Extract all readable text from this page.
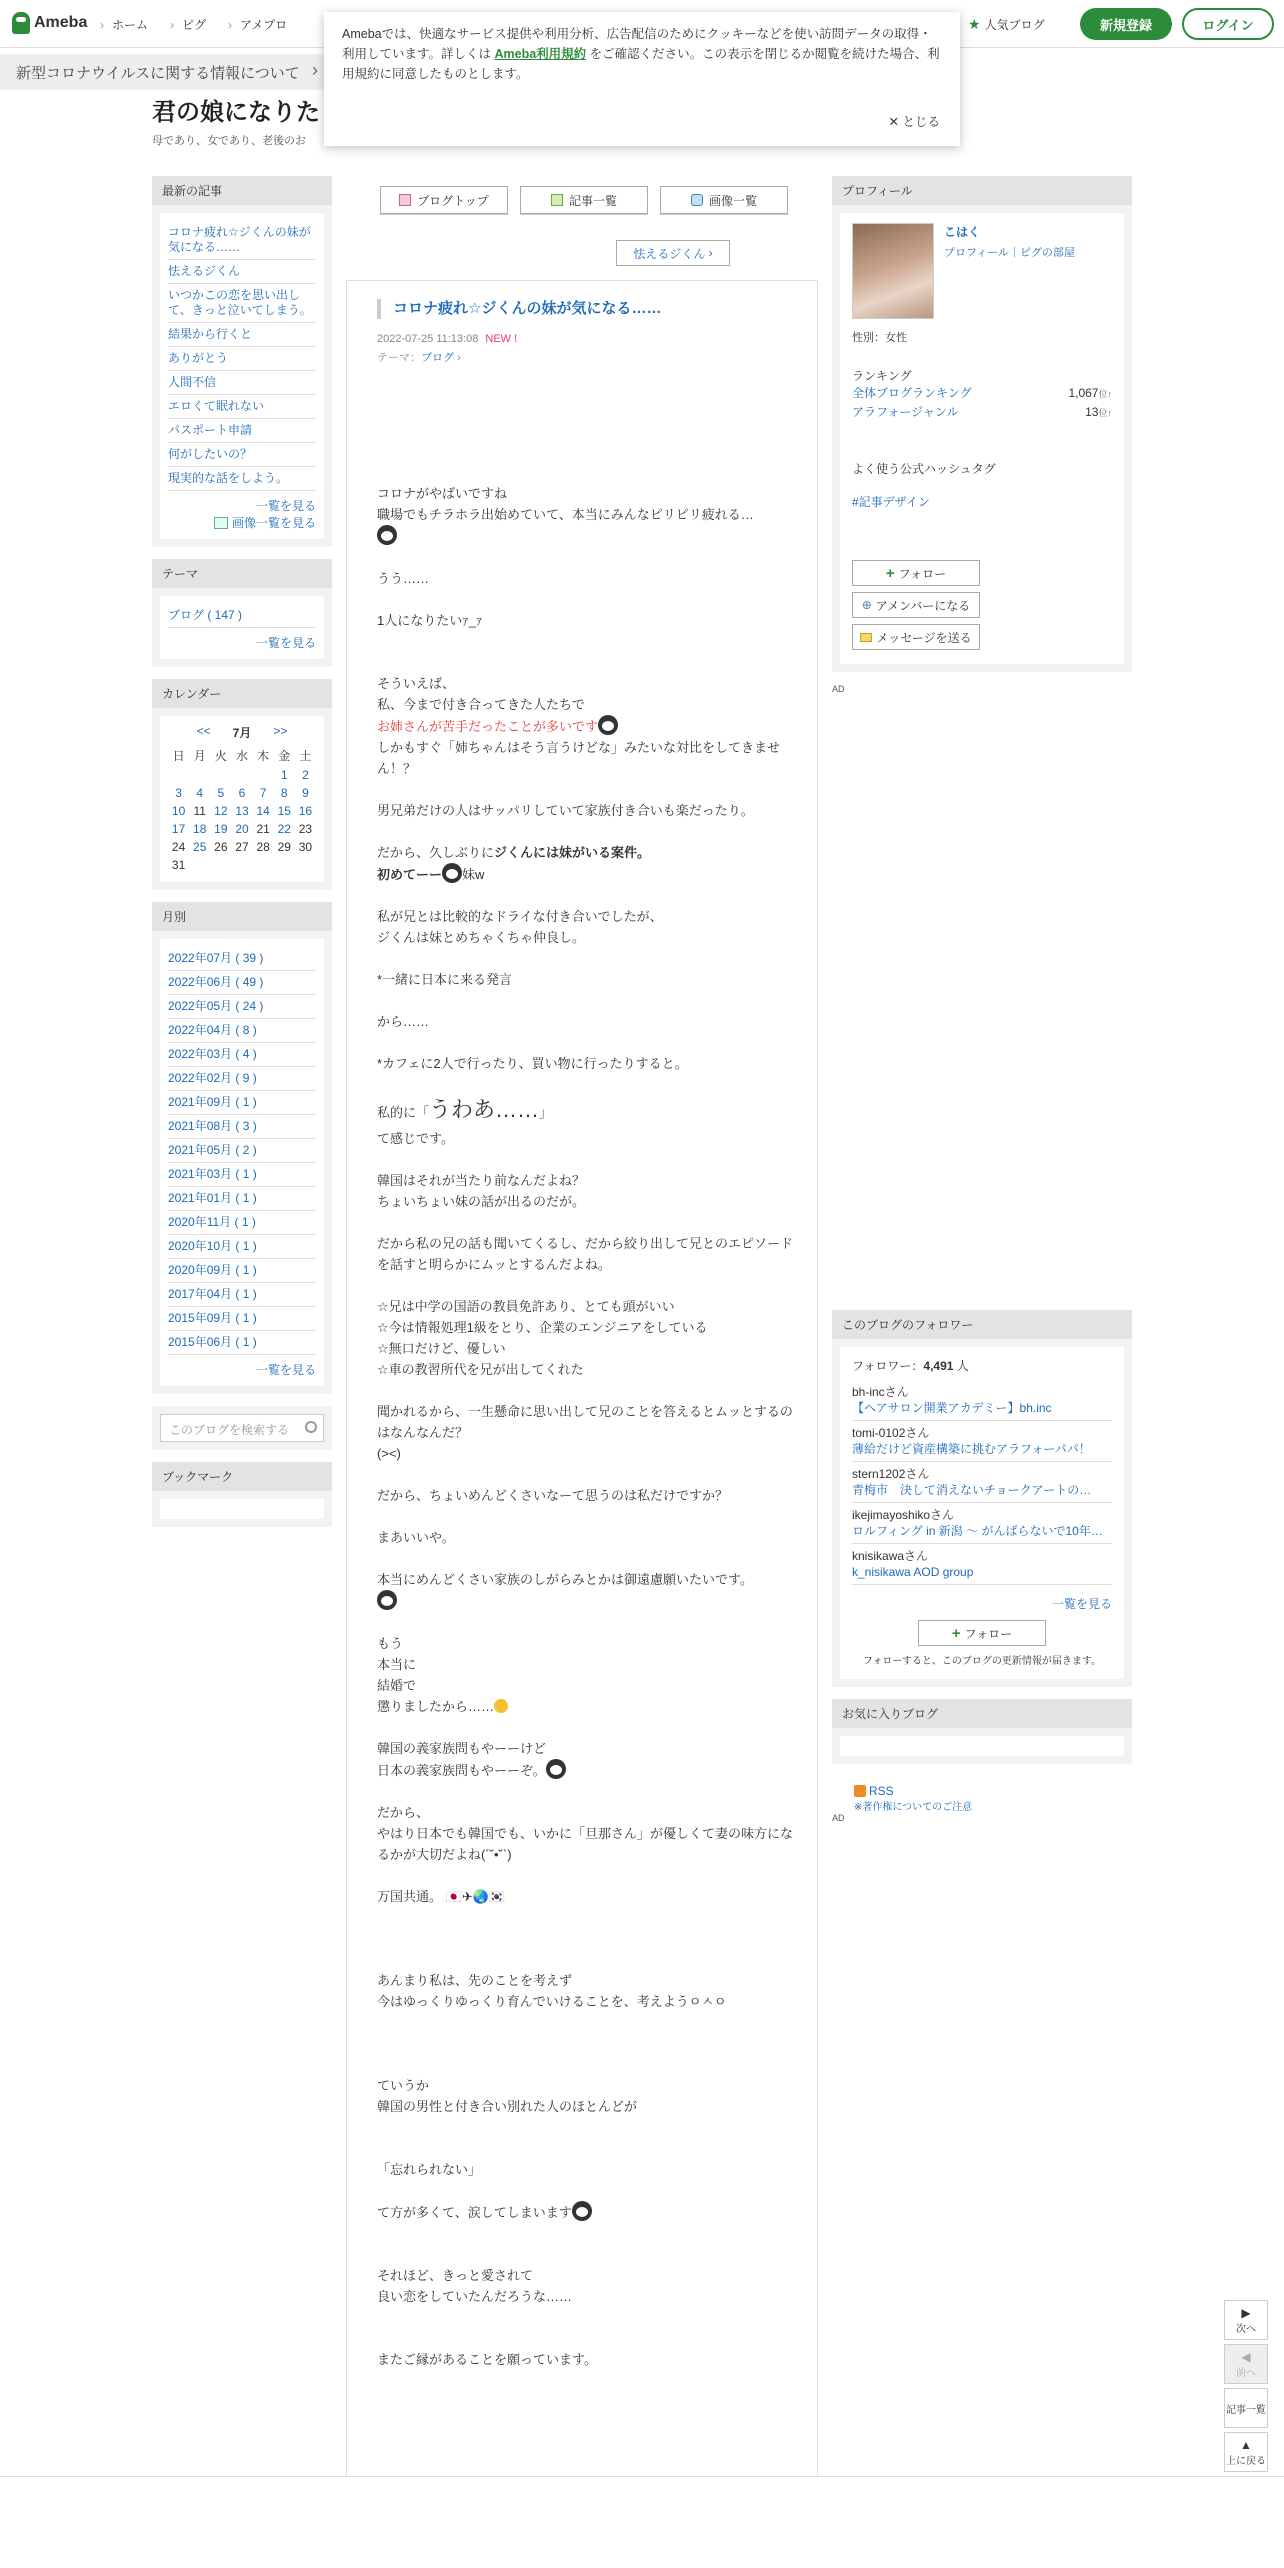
Ameba	› ホーム	› ピグ	› アメプロ	★ 人気ブログ	新規登録	ログイン
新型コロナウイルスに関する情報について ›
Amebaでは、快適なサービス提供や利用分析、広告配信のためにクッキーなどを使い訪問データの取得・利用しています。詳しくは Ameba利用規約 をご確認ください。この表示を閉じるか閲覧を続けた場合、利用規約に同意したものとします。
✕ とじる
君の娘になりた
母であり、女であり、老後のお
最新の記事
コロナ疲れ☆ジくんの妹が気になる……
怯えるジくん
いつかこの恋を思い出して、きっと泣いてしまう。
結果から行くと
ありがとう
人間不信
エロくて眠れない
パスポート申請
何がしたいの？
現実的な話をしよう。
一覧を見る
画像一覧を見る
テーマ
ブログ ( 147 )
一覧を見る
カレンダー
<< 7月 >>
日	月	火	水	木	金	土
					1	2
3	4	5	6	7	8	9
10	11	12	13	14	15	16
17	18	19	20	21	22	23
24	25	26	27	28	29	30
31						
月別
2022年07月 ( 39 )
2022年06月 ( 49 )
2022年05月 ( 24 )
2022年04月 ( 8 )
2022年03月 ( 4 )
2022年02月 ( 9 )
2021年09月 ( 1 )
2021年08月 ( 3 )
2021年05月 ( 2 )
2021年03月 ( 1 )
2021年01月 ( 1 )
2020年11月 ( 1 )
2020年10月 ( 1 )
2020年09月 ( 1 )
2017年04月 ( 1 )
2015年09月 ( 1 )
2015年06月 ( 1 )
一覧を見る
このブログを検索する
ブックマーク
ブログトップ	記事一覧	画像一覧
怯えるジくん
›
コロナ疲れ☆ジくんの妹が気になる……
2022-07-25 11:13:08 NEW !
テーマ：ブログ ›

コロナがやばいですね

職場でもチラホラ出始めていて、本当にみんなピリピリ疲れる…

うう……

1人になりたいｧ_ｧ

そういえば、

私、今まで付き合ってきた人たちで

お姉さんが苦手だったことが多いです

しかもすぐ「姉ちゃんはそう言うけどな」みたいな対比をしてきません！？

男兄弟だけの人はサッパリしていて家族付き合いも楽だったり。

だから、久しぶりにジくんには妹がいる案件。

初めてーー 妹w

私が兄とは比較的なドライな付き合いでしたが、

ジくんは妹とめちゃくちゃ仲良し。

*一緒に日本に来る発言

から……

*カフェに2人で行ったり、買い物に行ったりすると。

私的に「うわあ……」

て感じです。

韓国はそれが当たり前なんだよね？

ちょいちょい妹の話が出るのだが。

だから私の兄の話も聞いてくるし、だから絞り出して兄とのエピソードを話すと明らかにムッとするんだよね。

☆兄は中学の国語の教員免許あり、とても頭がいい

☆今は情報処理1級をとり、企業のエンジニアをしている

☆無口だけど、優しい

☆車の教習所代を兄が出してくれた

聞かれるから、一生懸命に思い出して兄のことを答えるとムッとするのはなんなんだ？

(><)

だから、ちょいめんどくさいなーて思うのは私だけですか？

まあいいや。

本当にめんどくさい家族のしがらみとかは御遠慮願いたいです。

もう

本当に

結婚で

懲りましたから……

韓国の義家族問もやーーけど

日本の義家族問もやーーぞ。

だから、

やはり日本でも韓国でも、いかに「旦那さん」が優しくて妻の味方になるかが大切だよね(´˘•˘`)

万国共通。 🇯🇵✈🌏🇰🇷

あんまり私は、先のことを考えず

今はゆっくりゆっくり育んでいけることを、考えようㅇㅅㅇ

ていうか

韓国の男性と付き合い別れた人のほとんどが

「忘れられない」

て方が多くて、涙してしまいます

それほど、きっと愛されて

良い恋をしていたんだろうな……

またご縁があることを願っています。

プロフィール
こはく
プロフィール｜ピグの部屋
性別：女性
ランキング
全体ブログランキング	1,067位↑
アラフォージャンル	13位↑
よく使う公式ハッシュタグ
#記事デザイン
+ フォロー
⊕ アメンバーになる
メッセージを送る
AD
このブログのフォロワー
フォロワー：4,491 人
bh-incさん
【ヘアサロン開業アカデミー】bh.inc
tomi-0102さん
薄給だけど資産構築に挑むアラフォーパパ！
stern1202さん
青梅市　決して消えないチョークアートの…
ikejimayoshikoさん
ロルフィング in 新潟 ～ がんばらないで10年…
knisikawaさん
k_nisikawa AOD group
一覧を見る
+ フォロー
フォローすると、このブログの更新情報が届きます。
お気に入りブログ
RSS
※著作権についてのご注意
AD
▶
次へ
◀
前へ
記事一覧
▲
上に戻る
